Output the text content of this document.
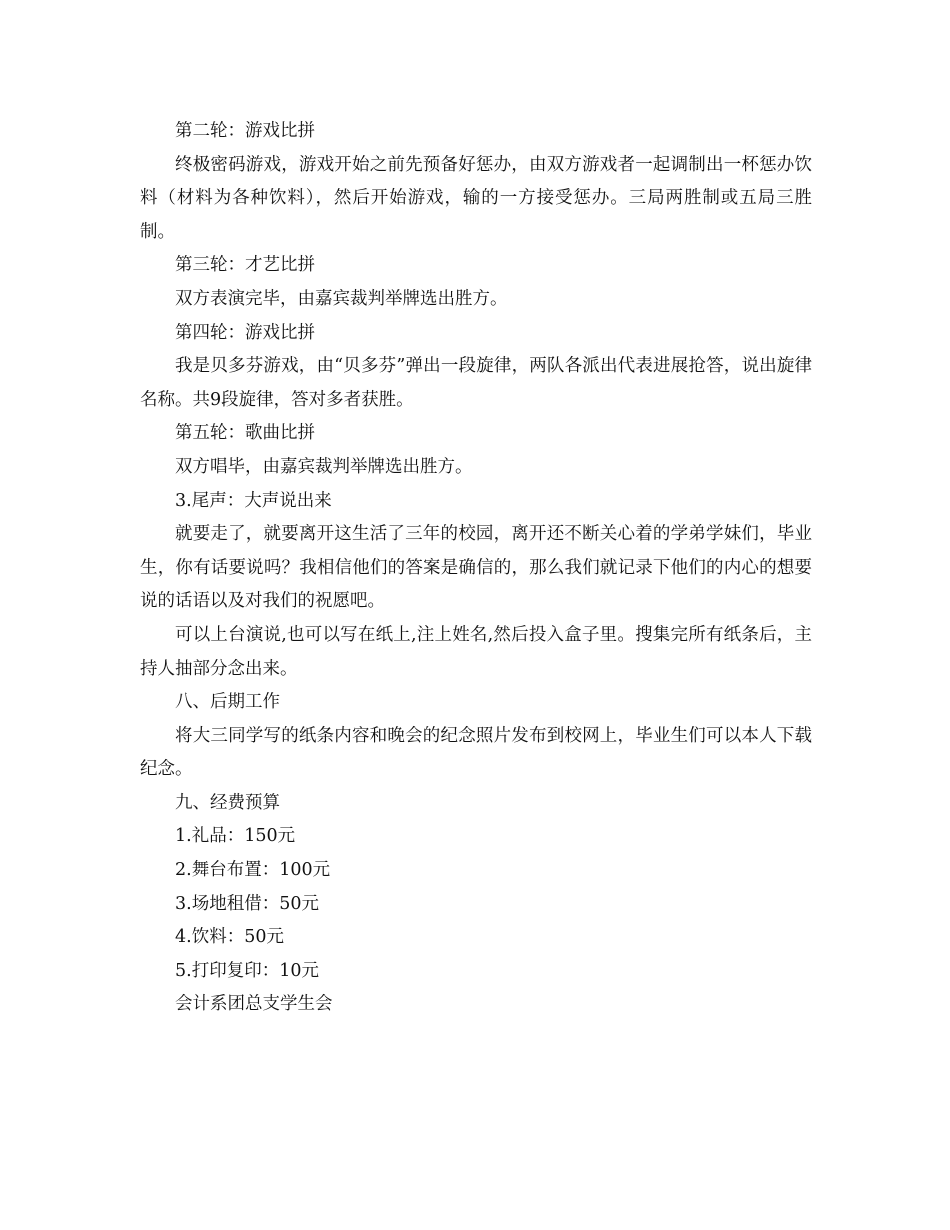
第二轮：游戏比拼

终极密码游戏，游戏开始之前先预备好惩办，由双方游戏者一起调制出一杯惩办饮料（材料为各种饮料），然后开始游戏，输的一方接受惩办。三局两胜制或五局三胜制。

第三轮：才艺比拼

双方表演完毕，由嘉宾裁判举牌选出胜方。

第四轮：游戏比拼

我是贝多芬游戏，由“贝多芬”弹出一段旋律，两队各派出代表进展抢答，说出旋律名称。共9段旋律，答对多者获胜。

第五轮：歌曲比拼

双方唱毕，由嘉宾裁判举牌选出胜方。

3.尾声：大声说出来

就要走了，就要离开这生活了三年的校园，离开还不断关心着的学弟学妹们，毕业生，你有话要说吗？我相信他们的答案是确信的，那么我们就记录下他们的内心的想要说的话语以及对我们的祝愿吧。

可以上台演说,也可以写在纸上,注上姓名,然后投入盒子里。搜集完所有纸条后，主持人抽部分念出来。

八、后期工作

将大三同学写的纸条内容和晚会的纪念照片发布到校网上，毕业生们可以本人下载纪念。

九、经费预算

1.礼品：150元

2.舞台布置：100元

3.场地租借：50元

4.饮料：50元

5.打印复印：10元

会计系团总支学生会
